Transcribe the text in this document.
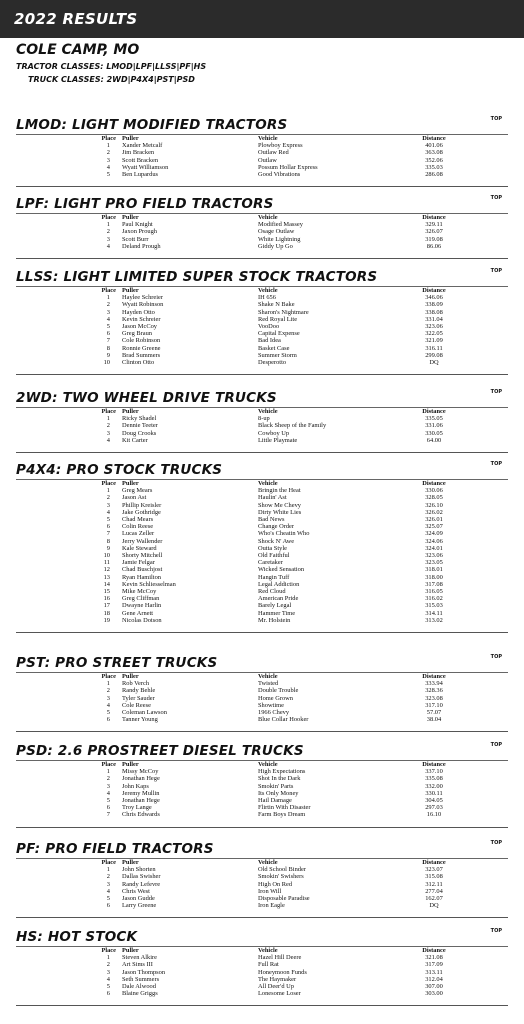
2022 RESULTS
COLE CAMP, MO
TRACTOR CLASSES: LMOD|LPF|LLSS|PF|HS
TRUCK CLASSES: 2WD|P4X4|PST|PSD
LMOD: LIGHT MODIFIED TRACTORS	TOP
Place	Puller	Vehicle	Distance	
1	Xander Metcalf	Plowboy Express	401.06	
2	Jim Bracken	Outlaw Red	363.08	
3	Scott Bracken	Outlaw	352.06	
4	Wyatt Williamson	Possum Hollar Express	335.03	
5	Ben Lupardus	Good Vibrations	286.08	
LPF: LIGHT PRO FIELD TRACTORS	TOP
Place	Puller	Vehicle	Distance	
1	Paul Knight	Modified Massey	329.11	
2	Jaxon Prough	Osage Outlaw	326.07	
3	Scott Burr	White Lightning	319.08	
4	Deland Prough	Giddy Up Go	86.06	
LLSS: LIGHT LIMITED SUPER STOCK TRACTORS	TOP
Place	Puller	Vehicle	Distance	
1	Haylee Schreier	IH 656	346.06	
2	Wyatt Robinson	Shake N Bake	338.09	
3	Hayden Otto	Sharon's Nightmare	338.08	
4	Kevin Schreier	Red Royal Lite	331.04	
5	Jason McCoy	VooDoo	323.06	
6	Greg Braun	Capital Expense	322.05	
7	Cole Robinson	Bad Idea	321.09	
8	Ronnie Greene	Basket Case	316.11	
9	Brad Summers	Summer Storm	299.08	
10	Clinton Otto	Desperotto	DQ	
2WD: TWO WHEEL DRIVE TRUCKS	TOP
Place	Puller	Vehicle	Distance	
1	Ricky Shadel	8-up	335.05	
2	Dennie Teeter	Black Sheep of the Family	331.06	
3	Doug Crooks	Cowboy Up	330.05	
4	Kit Carter	Little Playmate	64.00	
P4X4: PRO STOCK TRUCKS	TOP
Place	Puller	Vehicle	Distance	
1	Greg Mears	Bringin the Heat	330.06	
2	Jason Ast	Haulin' Ast	328.05	
3	Phillip Kreisler	Show Me Chevy	326.10	
4	Jake Gothridge	Dirty White Lies	326.02	
5	Chad Mears	Bad News	326.01	
6	Colin Reese	Change Order	325.07	
7	Lucas Zeller	Who's Cheatin Who	324.09	
8	Jerry Wallender	Shock N' Awe	324.06	
9	Kale Steward	Outta Style	324.01	
10	Shorty Mitchell	Old Faithful	323.06	
11	Jamie Felgar	Caretaker	323.05	
12	Chad Buschjost	Wicked Sensation	318.01	
13	Ryan Hamilton	Hangin Tuff	318.00	
14	Kevin Schliesselman	Legal Addiction	317.08	
15	Mike McCoy	Red Cloud	316.05	
16	Greg Cliffman	American Pride	316.02	
17	Dwayne Harlin	Barely Legal	315.03	
18	Gene Arnett	Hammer Time	314.11	
19	Nicolas Dotson	Mr. Holstein	313.02	
PST: PRO STREET TRUCKS	TOP
Place	Puller	Vehicle	Distance	
1	Rob Verch	Twisted	333.94	
2	Randy Behle	Double Trouble	328.36	
3	Tyler Sauder	Home Grown	323.08	
4	Cole Reese	Showtime	317.10	
5	Coleman Lawson	1966 Chevy	57.07	
6	Tanner Young	Blue Collar Hooker	38.04	
PSD: 2.6 PROSTREET DIESEL TRUCKS	TOP
Place	Puller	Vehicle	Distance	
1	Missy McCoy	High Expectations	337.10	
2	Jonathan Hege	Shot In the Dark	335.08	
3	John Kaps	Smokin' Parts	332.00	
4	Jeremy Mullin	Its Only Money	330.11	
5	Jonathan Hege	Hail Damage	304.05	
6	Troy Lange	Flirtin With Disaster	297.03	
7	Chris Edwards	Farm Boys Dream	16.10	
PF: PRO FIELD TRACTORS	TOP
Place	Puller	Vehicle	Distance	
1	John Shorten	Old School Binder	323.07	
2	Dallas Swisher	Smokin' Swishers	315.08	
3	Randy Lefevre	High On Red	312.11	
4	Chris West	Iron Will	277.04	
5	Jason Gudde	Disposable Paradise	162.07	
6	Larry Greene	Iron Eagle	DQ	
HS: HOT STOCK	TOP
Place	Puller	Vehicle	Distance	
1	Steven Alkire	Hazel Hill Deere	321.08	
2	Art Sims III	Full Rat	317.09	
3	Jason Thompson	Honeymoon Funds	313.11	
4	Seth Summers	The Haymaker	312.04	
5	Dale Alwood	All Deer'd Up	307.00	
6	Blaine Griggs	Lonesome Loser	303.00	
